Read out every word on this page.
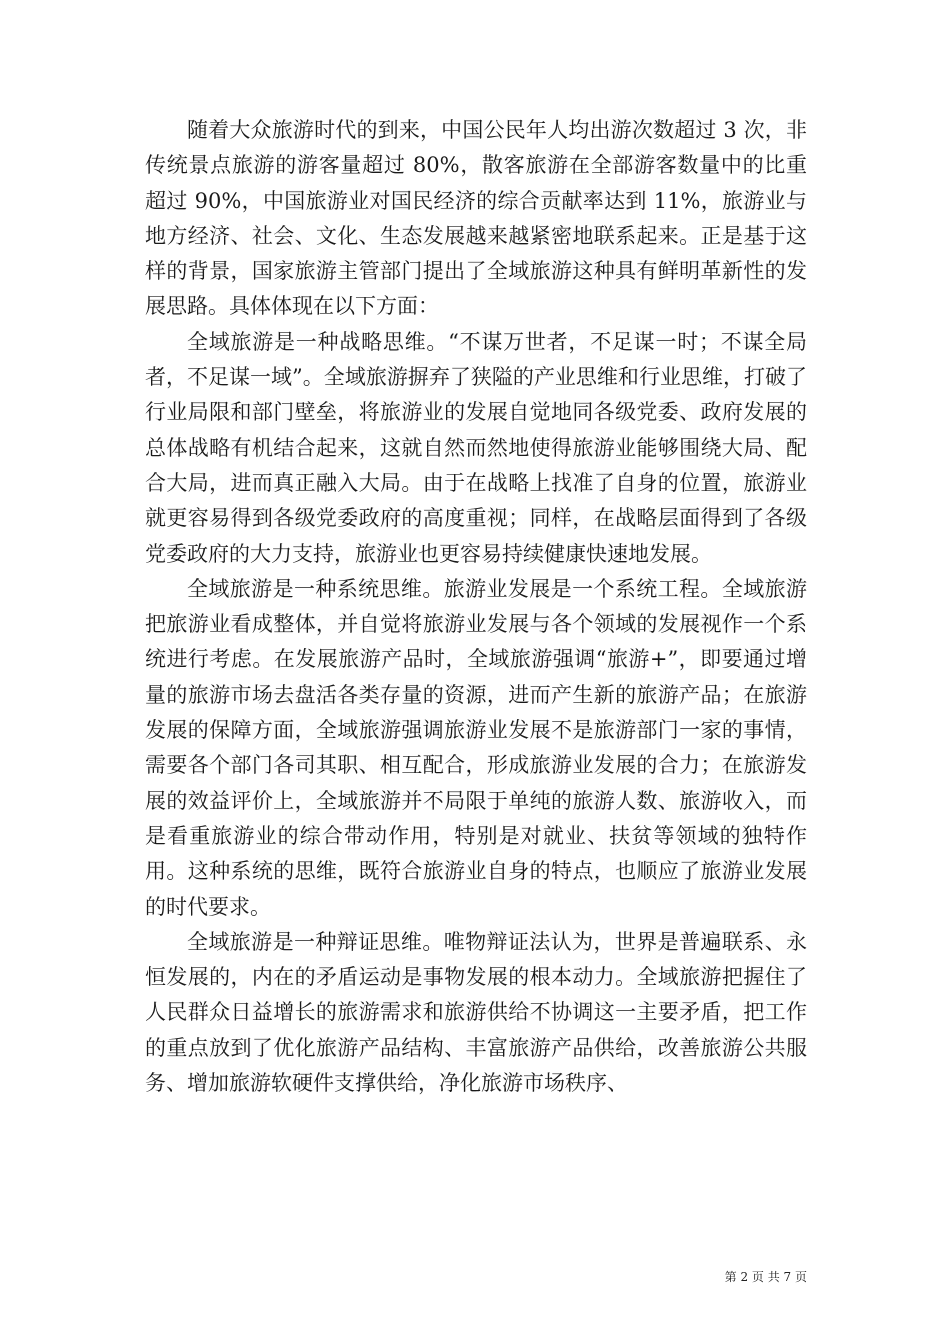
随着大众旅游时代的到来，中国公民年人均出游次数超过 3 次，非传统景点旅游的游客量超过 80%，散客旅游在全部游客数量中的比重超过 90%，中国旅游业对国民经济的综合贡献率达到 11%，旅游业与地方经济、社会、文化、生态发展越来越紧密地联系起来。正是基于这样的背景，国家旅游主管部门提出了全域旅游这种具有鲜明革新性的发展思路。具体体现在以下方面：

全域旅游是一种战略思维。“不谋万世者，不足谋一时；不谋全局者，不足谋一域”。全域旅游摒弃了狭隘的产业思维和行业思维，打破了行业局限和部门壁垒，将旅游业的发展自觉地同各级党委、政府发展的总体战略有机结合起来，这就自然而然地使得旅游业能够围绕大局、配合大局，进而真正融入大局。由于在战略上找准了自身的位置，旅游业就更容易得到各级党委政府的高度重视；同样，在战略层面得到了各级党委政府的大力支持，旅游业也更容易持续健康快速地发展。

全域旅游是一种系统思维。旅游业发展是一个系统工程。全域旅游把旅游业看成整体，并自觉将旅游业发展与各个领域的发展视作一个系统进行考虑。在发展旅游产品时，全域旅游强调“旅游+”，即要通过增量的旅游市场去盘活各类存量的资源，进而产生新的旅游产品；在旅游发展的保障方面，全域旅游强调旅游业发展不是旅游部门一家的事情，需要各个部门各司其职、相互配合，形成旅游业发展的合力；在旅游发展的效益评价上，全域旅游并不局限于单纯的旅游人数、旅游收入，而是看重旅游业的综合带动作用，特别是对就业、扶贫等领域的独特作用。这种系统的思维，既符合旅游业自身的特点，也顺应了旅游业发展的时代要求。

全域旅游是一种辩证思维。唯物辩证法认为，世界是普遍联系、永恒发展的，内在的矛盾运动是事物发展的根本动力。全域旅游把握住了人民群众日益增长的旅游需求和旅游供给不协调这一主要矛盾，把工作的重点放到了优化旅游产品结构、丰富旅游产品供给，改善旅游公共服务、增加旅游软硬件支撑供给，净化旅游市场秩序、

第 2 页 共 7 页
